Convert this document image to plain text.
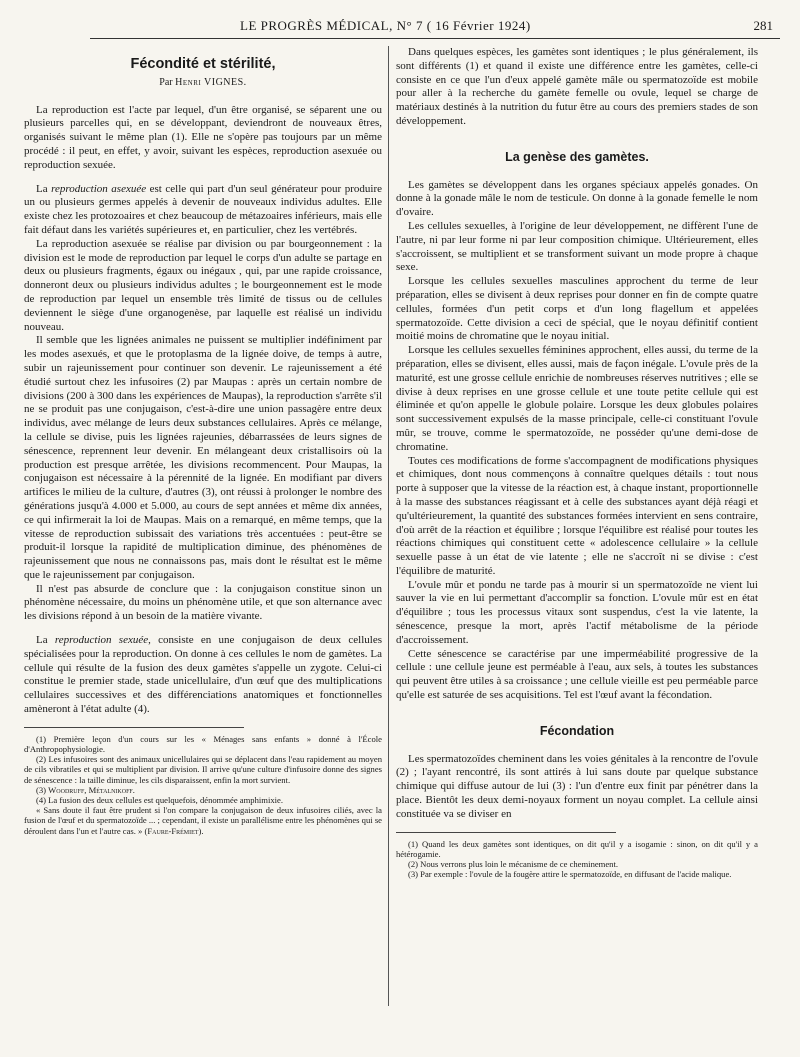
LE PROGRÈS MÉDICAL, N° 7 ( 16 Février 1924)	281
Fécondité et stérilité,
Par Henri VIGNES.

La reproduction est l'acte par lequel, d'un être organisé, se séparent une ou plusieurs parcelles qui, en se développant, deviendront de nouveaux êtres, organisés suivant le même plan (1). Elle ne s'opère pas toujours par un même procédé : il peut, en effet, y avoir, suivant les espèces, reproduction asexuée ou reproduction sexuée.

La reproduction asexuée est celle qui part d'un seul générateur pour produire un ou plusieurs germes appelés à devenir de nouveaux individus adultes. Elle existe chez les protozoaires et chez beaucoup de métazoaires inférieurs, mais elle fait défaut dans les variétés supérieures et, en particulier, chez les vertébrés.

La reproduction asexuée se réalise par division ou par bourgeonnement : la division est le mode de reproduction par lequel le corps d'un adulte se partage en deux ou plusieurs fragments, égaux ou inégaux , qui, par une rapide croissance, donneront deux ou plusieurs individus adultes ; le bourgeonnement est le mode de reproduction par lequel un ensemble très limité de tissus ou de cellules deviennent le siège d'une organogenèse, par laquelle est réalisé un individu nouveau.

Il semble que les lignées animales ne puissent se multiplier indéfiniment par les modes asexués, et que le protoplasma de la lignée doive, de temps à autre, subir un rajeunissement pour continuer son devenir. Le rajeunissement a été étudié surtout chez les infusoires (2) par Maupas : après un certain nombre de divisions (200 à 300 dans les expériences de Maupas), la reproduction s'arrête s'il ne se produit pas une conjugaison, c'est-à-dire une union passagère entre deux individus, avec mélange de leurs deux substances cellulaires. Après ce mélange, la cellule se divise, puis les lignées rajeunies, débarrassées de leurs signes de sénescence, reprennent leur devenir. En mélangeant deux cristallisoirs où la production est presque arrêtée, les divisions recommencent. Pour Maupas, la conjugaison est nécessaire à la pérennité de la lignée. En modifiant par divers artifices le milieu de la culture, d'autres (3), ont réussi à prolonger le nombre des générations jusqu'à 4.000 et 5.000, au cours de sept années et même dix années, ce qui infirmerait la loi de Maupas. Mais on a remarqué, en même temps, que la vitesse de reproduction subissait des variations très accentuées : peut-être se produit-il lorsque la rapidité de multiplication diminue, des phénomènes de rajeunissement que nous ne connaissons pas, mais dont le résultat est le même que le rajeunissement par conjugaison.

Il n'est pas absurde de conclure que : la conjugaison constitue sinon un phénomène nécessaire, du moins un phénomène utile, et que son alternance avec les divisions répond à un besoin de la matière vivante.

La reproduction sexuée, consiste en une conjugaison de deux cellules spécialisées pour la reproduction. On donne à ces cellules le nom de gamètes. La cellule qui résulte de la fusion des deux gamètes s'appelle un zygote. Celui-ci constitue le premier stade, stade unicellulaire, d'un œuf que des multiplications cellulaires successives et des différenciations anatomiques et fonctionnelles amèneront à l'état adulte (4).

(1) Première leçon d'un cours sur les « Ménages sans enfants » donné à l'École d'Anthropophysiologie.

(2) Les infusoires sont des animaux unicellulaires qui se déplacent dans l'eau rapidement au moyen de cils vibratiles et qui se multiplient par division. Il arrive qu'une culture d'infusoire donne des signes de sénescence : la taille diminue, les cils disparaissent, enfin la mort survient.

(3) Woodruff, Métalnikoff.

(4) La fusion des deux cellules est quelquefois, dénommée amphimixie.

« Sans doute il faut être prudent si l'on compare la conjugaison de deux infusoires ciliés, avec la fusion de l'œuf et du spermatozoïde ... ; cependant, il existe un parallélisme entre les phénomènes qui se déroulent dans l'un et l'autre cas. » (Faure-Frémiet).

Dans quelques espèces, les gamètes sont identiques ; le plus généralement, ils sont différents (1) et quand il existe une différence entre les gamètes, celle-ci consiste en ce que l'un d'eux appelé gamète mâle ou spermatozoïde est mobile pour aller à la recherche du gamète femelle ou ovule, lequel se charge de matériaux destinés à la nutrition du futur être au cours des premiers stades de son développement.

La genèse des gamètes.

Les gamètes se développent dans les organes spéciaux appelés gonades. On donne à la gonade mâle le nom de testicule. On donne à la gonade femelle le nom d'ovaire.

Les cellules sexuelles, à l'origine de leur développement, ne diffèrent l'une de l'autre, ni par leur forme ni par leur composition chimique. Ultérieurement, elles s'accroissent, se multiplient et se transforment suivant un mode propre à chaque sexe.

Lorsque les cellules sexuelles masculines approchent du terme de leur préparation, elles se divisent à deux reprises pour donner en fin de compte quatre cellules, formées d'un petit corps et d'un long flagellum et appelées spermatozoïde. Cette division a ceci de spécial, que le noyau définitif contient moitié moins de chromatine que le noyau initial.

Lorsque les cellules sexuelles féminines approchent, elles aussi, du terme de la préparation, elles se divisent, elles aussi, mais de façon inégale. L'ovule près de la maturité, est une grosse cellule enrichie de nombreuses réserves nutritives ; elle se divise à deux reprises en une grosse cellule et une toute petite cellule qui est éliminée et qu'on appelle le globule polaire. Lorsque les deux globules polaires sont successivement expulsés de la masse principale, celle-ci constituant l'ovule mûr, se trouve, comme le spermatozoïde, ne posséder qu'une demi-dose de chromatine.

Toutes ces modifications de forme s'accompagnent de modifications physiques et chimiques, dont nous commençons à connaître quelques détails : tout nous porte à supposer que la vitesse de la réaction est, à chaque instant, proportionnelle à la masse des substances réagissant et à celle des substances ayant déjà réagi et qu'ultérieurement, la quantité des substances formées intervient en sens contraire, d'où arrêt de la réaction et équilibre ; lorsque l'équilibre est réalisé pour toutes les réactions chimiques qui constituent cette « adolescence cellulaire » la cellule sexuelle passe à un état de vie latente ; elle ne s'accroît ni se divise : c'est l'équilibre de maturité.

L'ovule mûr et pondu ne tarde pas à mourir si un spermatozoïde ne vient lui sauver la vie en lui permettant d'accomplir sa fonction. L'ovule mûr est en état d'équilibre ; tous les processus vitaux sont suspendus, c'est la vie latente, la sénescence, presque la mort, après l'actif métabolisme de la période d'accroissement.

Cette sénescence se caractérise par une imperméabilité progressive de la cellule : une cellule jeune est perméable à l'eau, aux sels, à toutes les substances qui peuvent être utiles à sa croissance ; une cellule vieille est peu perméable parce qu'elle est saturée de ses acquisitions. Tel est l'œuf avant la fécondation.

Fécondation

Les spermatozoïdes cheminent dans les voies génitales à la rencontre de l'ovule (2) ; l'ayant rencontré, ils sont attirés à lui sans doute par quelque substance chimique qui diffuse autour de lui (3) : l'un d'entre eux finit par pénétrer dans la place. Bientôt les deux demi-noyaux forment un noyau complet. La cellule ainsi constituée va se diviser en

(1) Quand les deux gamètes sont identiques, on dit qu'il y a isogamie : sinon, on dit qu'il y a hétérogamie.

(2) Nous verrons plus loin le mécanisme de ce cheminement.

(3) Par exemple : l'ovule de la fougère attire le spermatozoïde, en diffusant de l'acide malique.
